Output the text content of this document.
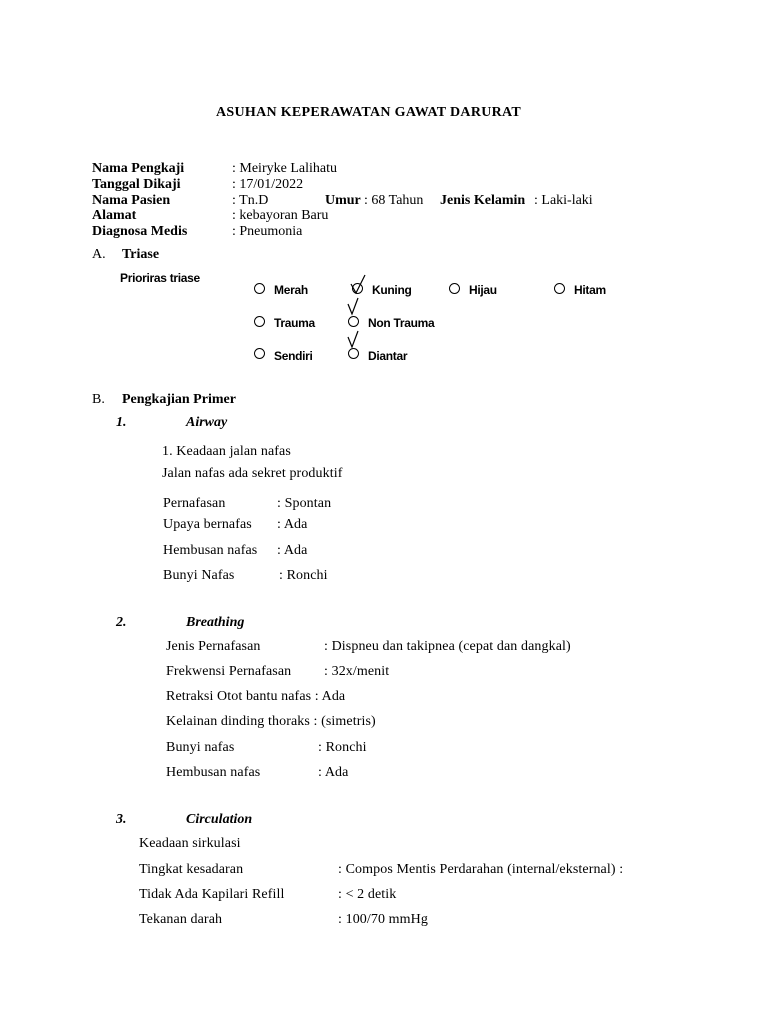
ASUHAN KEPERAWATAN GAWAT DARURAT
Nama Pengkaji	: Meiryke Lalihatu
Tanggal Dikaji	: 17/01/2022
Nama Pasien	: Tn.D	Umur : 68 Tahun Jenis Kelamin : Laki-laki
Alamat	: kebayoran Baru
Diagnosa Medis	: Pneumonia
A. Triase
Prioriras triase
Merah	Kuning	Hijau	Hitam
Trauma	Non Trauma
Sendiri	Diantar
B. Pengkajian Primer
1.	Airway
1. Keadaan jalan nafas
Jalan nafas ada sekret produktif
Pernafasan	: Spontan
Upaya bernafas : Ada
Hembusan nafas : Ada
Bunyi Nafas	: Ronchi
2.	Breathing
Jenis Pernafasan	: Dispneu dan takipnea (cepat dan dangkal)
Frekwensi Pernafasan : 32x/menit
Retraksi Otot bantu nafas : Ada
Kelainan dinding thoraks : (simetris)
Bunyi nafas	: Ronchi
Hembusan nafas	: Ada
3.	Circulation
Keadaan sirkulasi
Tingkat kesadaran	: Compos Mentis Perdarahan (internal/eksternal) :
Tidak Ada Kapilari Refill	: < 2 detik
Tekanan darah	: 100/70 mmHg
